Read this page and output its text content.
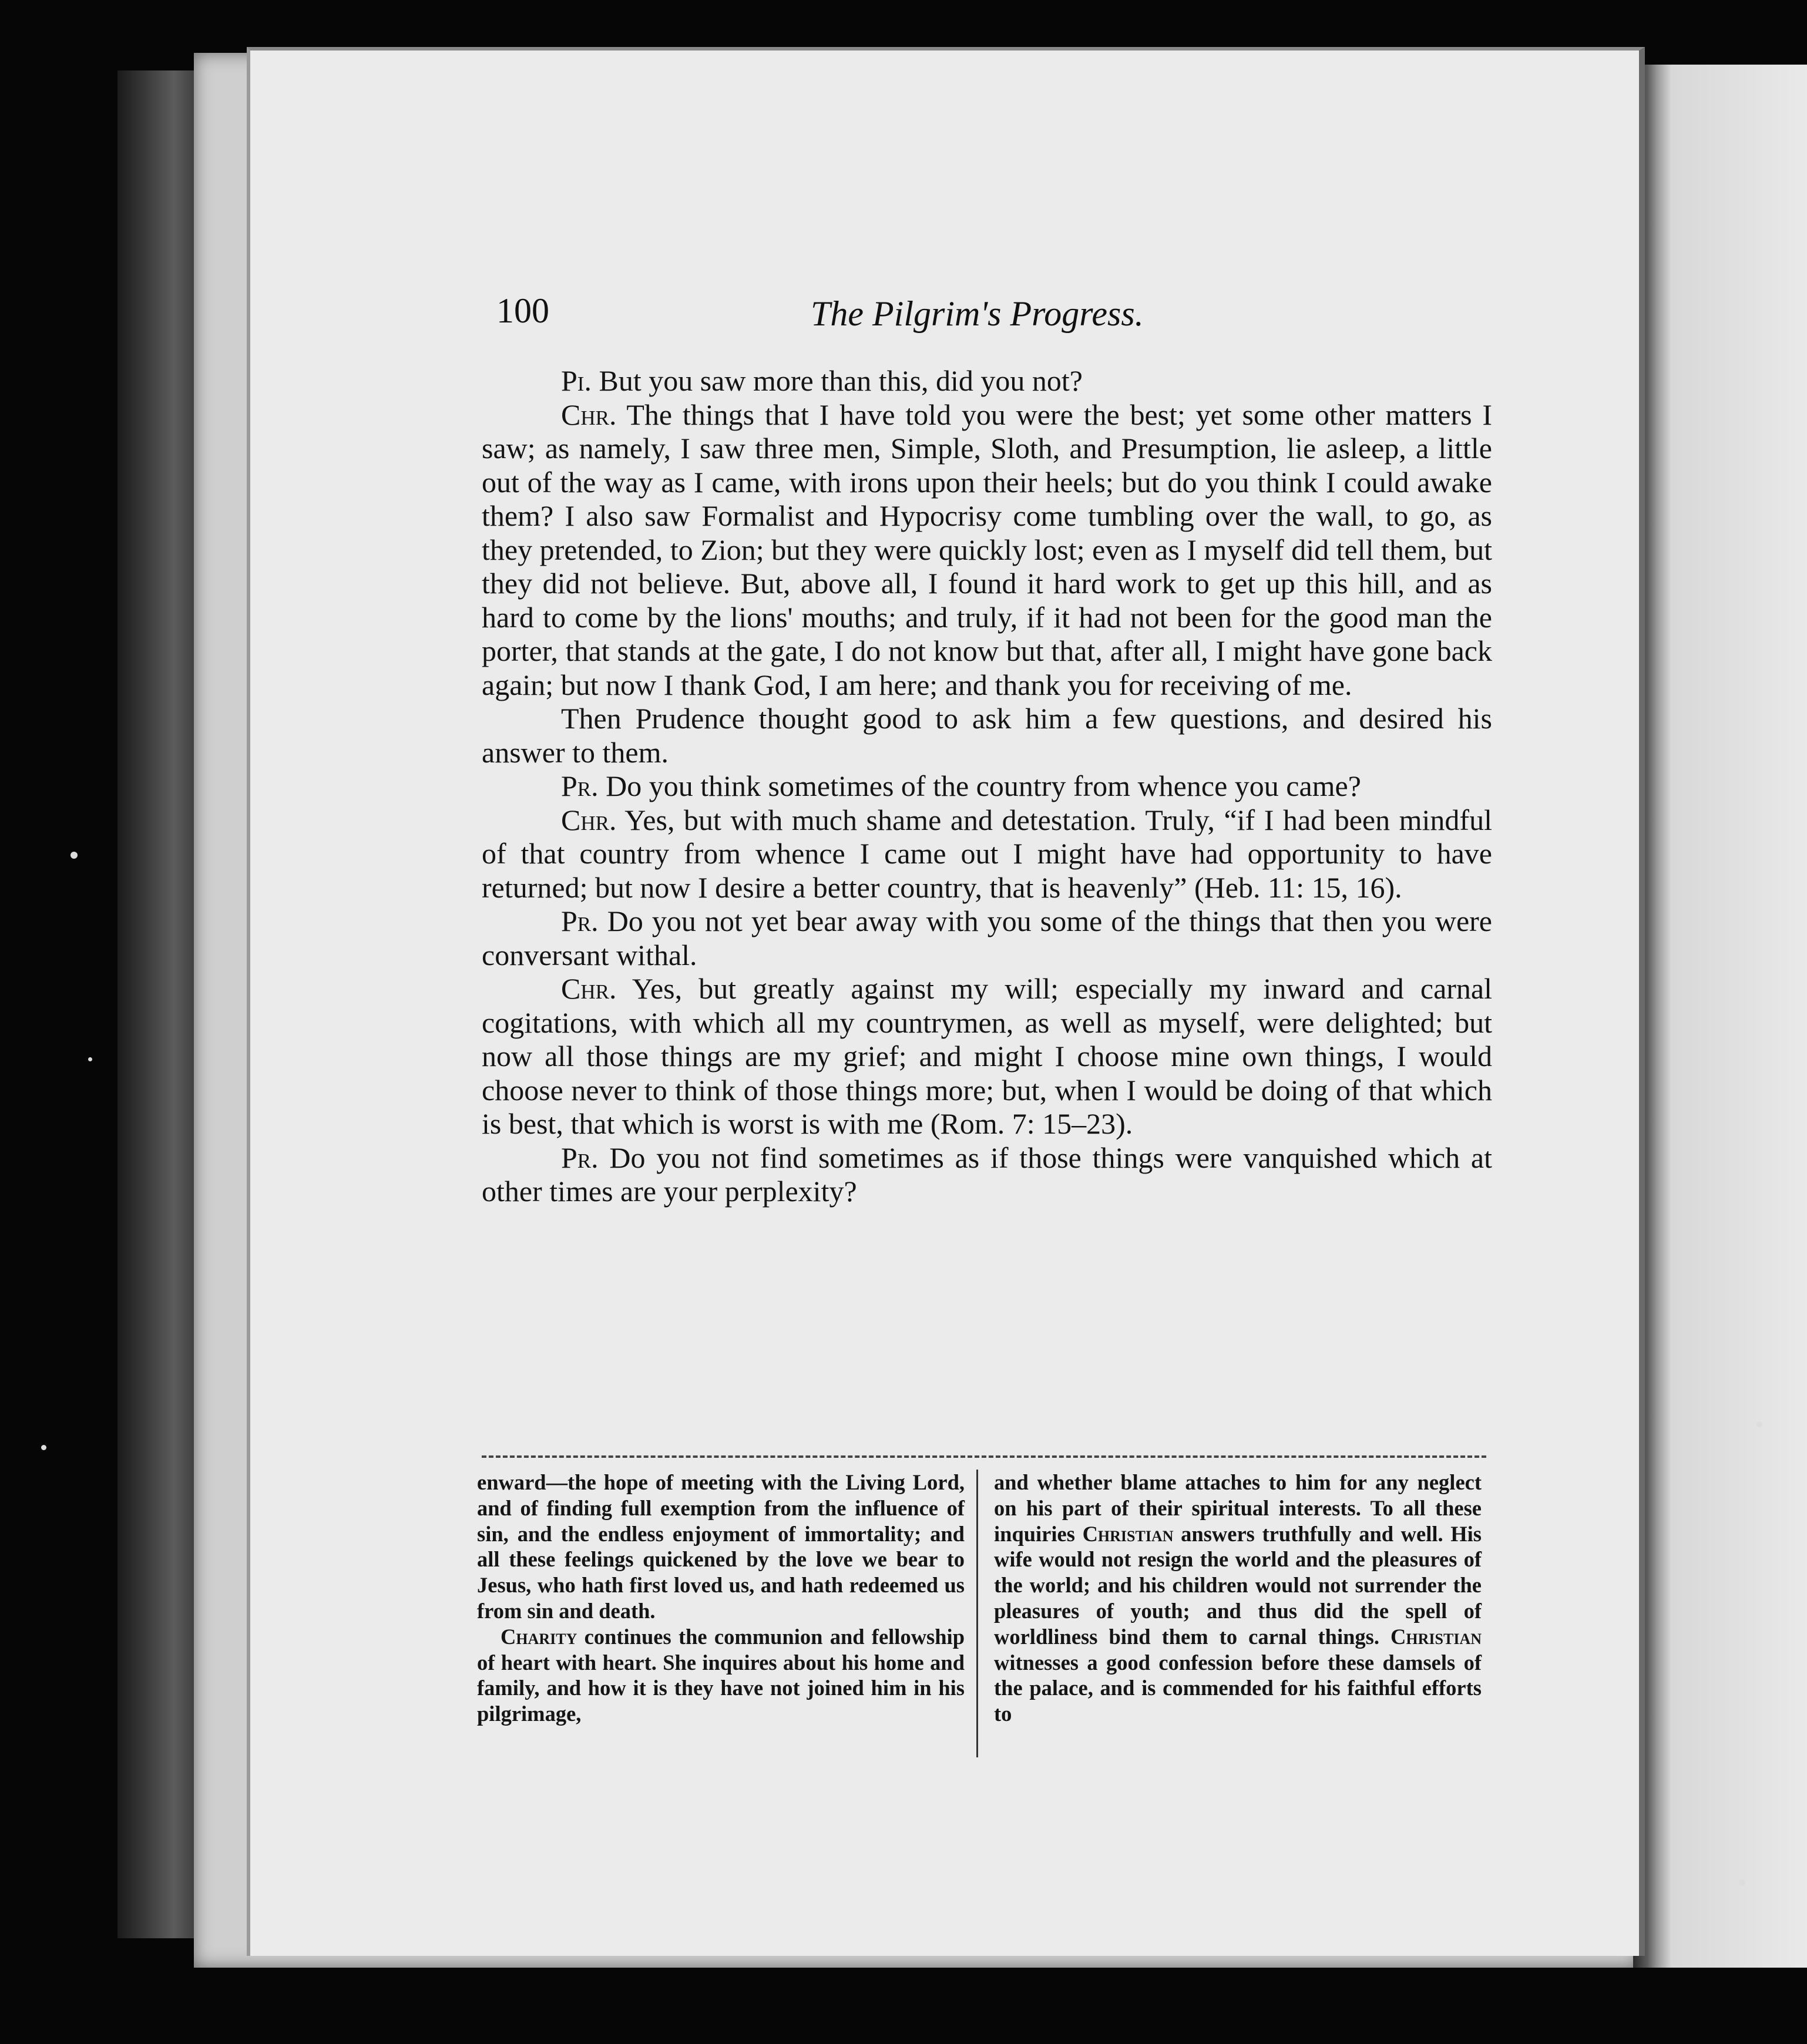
100	The Pilgrim's Progress.

Pi. But you saw more than this, did you not?

Chr. The things that I have told you were the best; yet some other matters I saw; as namely, I saw three men, Simple, Sloth, and Presumption, lie asleep, a little out of the way as I came, with irons upon their heels; but do you think I could awake them? I also saw Formalist and Hypocrisy come tumbling over the wall, to go, as they pretended, to Zion; but they were quickly lost; even as I myself did tell them, but they did not believe. But, above all, I found it hard work to get up this hill, and as hard to come by the lions' mouths; and truly, if it had not been for the good man the porter, that stands at the gate, I do not know but that, after all, I might have gone back again; but now I thank God, I am here; and thank you for receiving of me.

Then Prudence thought good to ask him a few questions, and desired his answer to them.

Pr. Do you think sometimes of the country from whence you came?

Chr. Yes, but with much shame and detestation. Truly, “if I had been mindful of that country from whence I came out I might have had opportunity to have returned; but now I desire a better country, that is heavenly” (Heb. 11: 15, 16).

Pr. Do you not yet bear away with you some of the things that then you were conversant withal.

Chr. Yes, but greatly against my will; especially my inward and carnal cogitations, with which all my countrymen, as well as myself, were delighted; but now all those things are my grief; and might I choose mine own things, I would choose never to think of those things more; but, when I would be doing of that which is best, that which is worst is with me (Rom. 7: 15–23).

Pr. Do you not find sometimes as if those things were vanquished which at other times are your perplexity?

enward—the hope of meeting with the Living Lord, and of finding full exemption from the influence of sin, and the endless enjoyment of immortality; and all these feelings quickened by the love we bear to Jesus, who hath first loved us, and hath redeemed us from sin and death.

Charity continues the communion and fellowship of heart with heart. She inquires about his home and family, and how it is they have not joined him in his pilgrimage,

and whether blame attaches to him for any neglect on his part of their spiritual interests. To all these inquiries Christian answers truthfully and well. His wife would not resign the world and the pleasures of the world; and his children would not surrender the pleasures of youth; and thus did the spell of worldliness bind them to carnal things. Christian witnesses a good confession before these damsels of the palace, and is commended for his faithful efforts to
